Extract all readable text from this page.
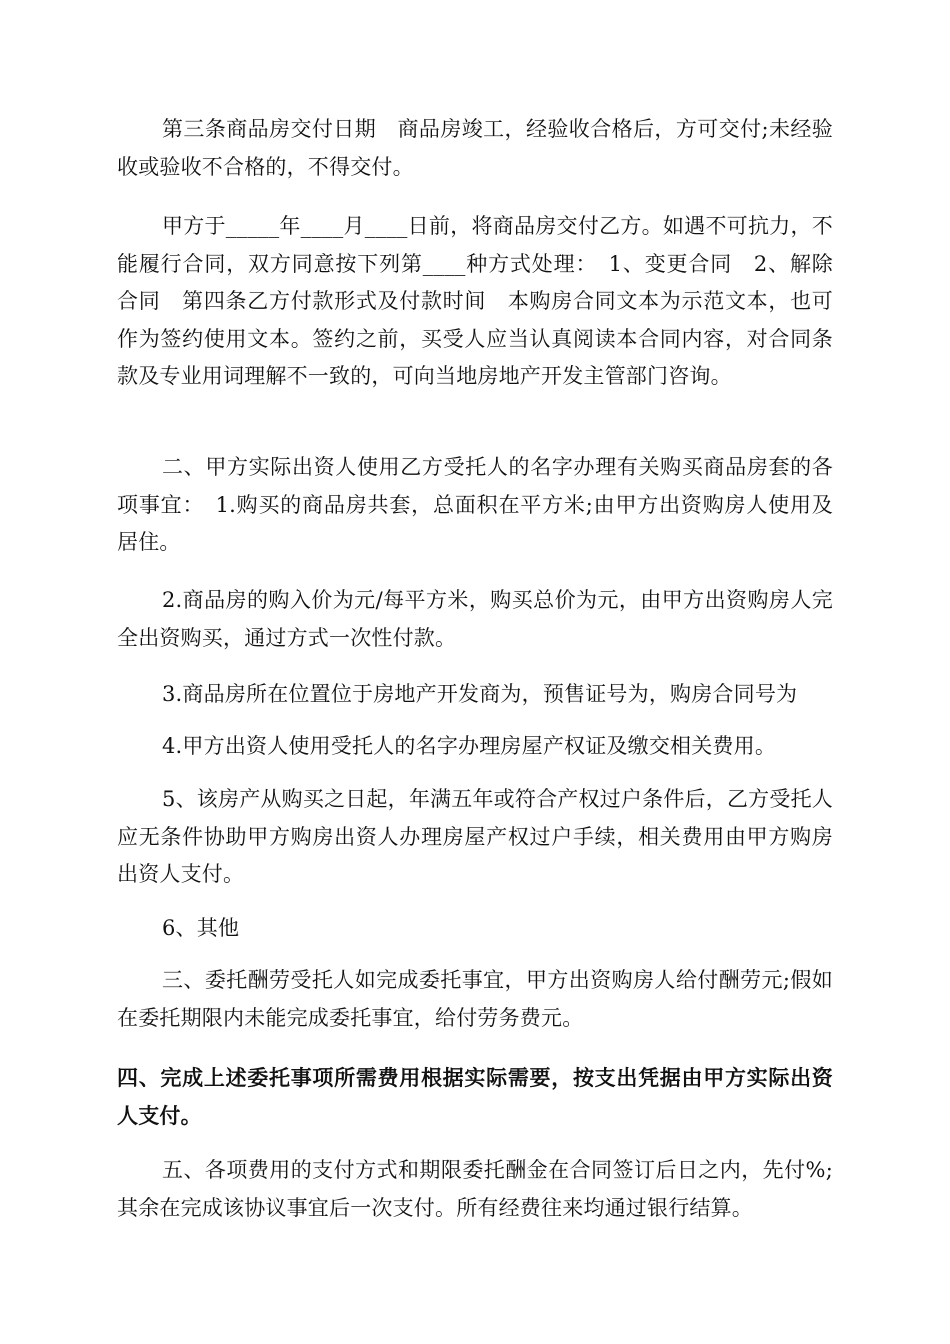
第三条商品房交付日期　商品房竣工，经验收合格后，方可交付;未经验收或验收不合格的，不得交付。

甲方于_____年____月____日前，将商品房交付乙方。如遇不可抗力，不能履行合同，双方同意按下列第____种方式处理：　1、变更合同　2、解除合同　第四条乙方付款形式及付款时间　本购房合同文本为示范文本，也可作为签约使用文本。签约之前，买受人应当认真阅读本合同内容，对合同条款及专业用词理解不一致的，可向当地房地产开发主管部门咨询。

二、甲方实际出资人使用乙方受托人的名字办理有关购买商品房套的各项事宜：　1.购买的商品房共套，总面积在平方米;由甲方出资购房人使用及居住。

2.商品房的购入价为元/每平方米，购买总价为元，由甲方出资购房人完全出资购买，通过方式一次性付款。

3.商品房所在位置位于房地产开发商为，预售证号为，购房合同号为

4.甲方出资人使用受托人的名字办理房屋产权证及缴交相关费用。

5、该房产从购买之日起，年满五年或符合产权过户条件后，乙方受托人应无条件协助甲方购房出资人办理房屋产权过户手续，相关费用由甲方购房出资人支付。

6、其他

三、委托酬劳受托人如完成委托事宜，甲方出资购房人给付酬劳元;假如在委托期限内未能完成委托事宜，给付劳务费元。

四、完成上述委托事项所需费用根据实际需要，按支出凭据由甲方实际出资人支付。

五、各项费用的支付方式和期限委托酬金在合同签订后日之内，先付%;其余在完成该协议事宜后一次支付。所有经费往来均通过银行结算。
